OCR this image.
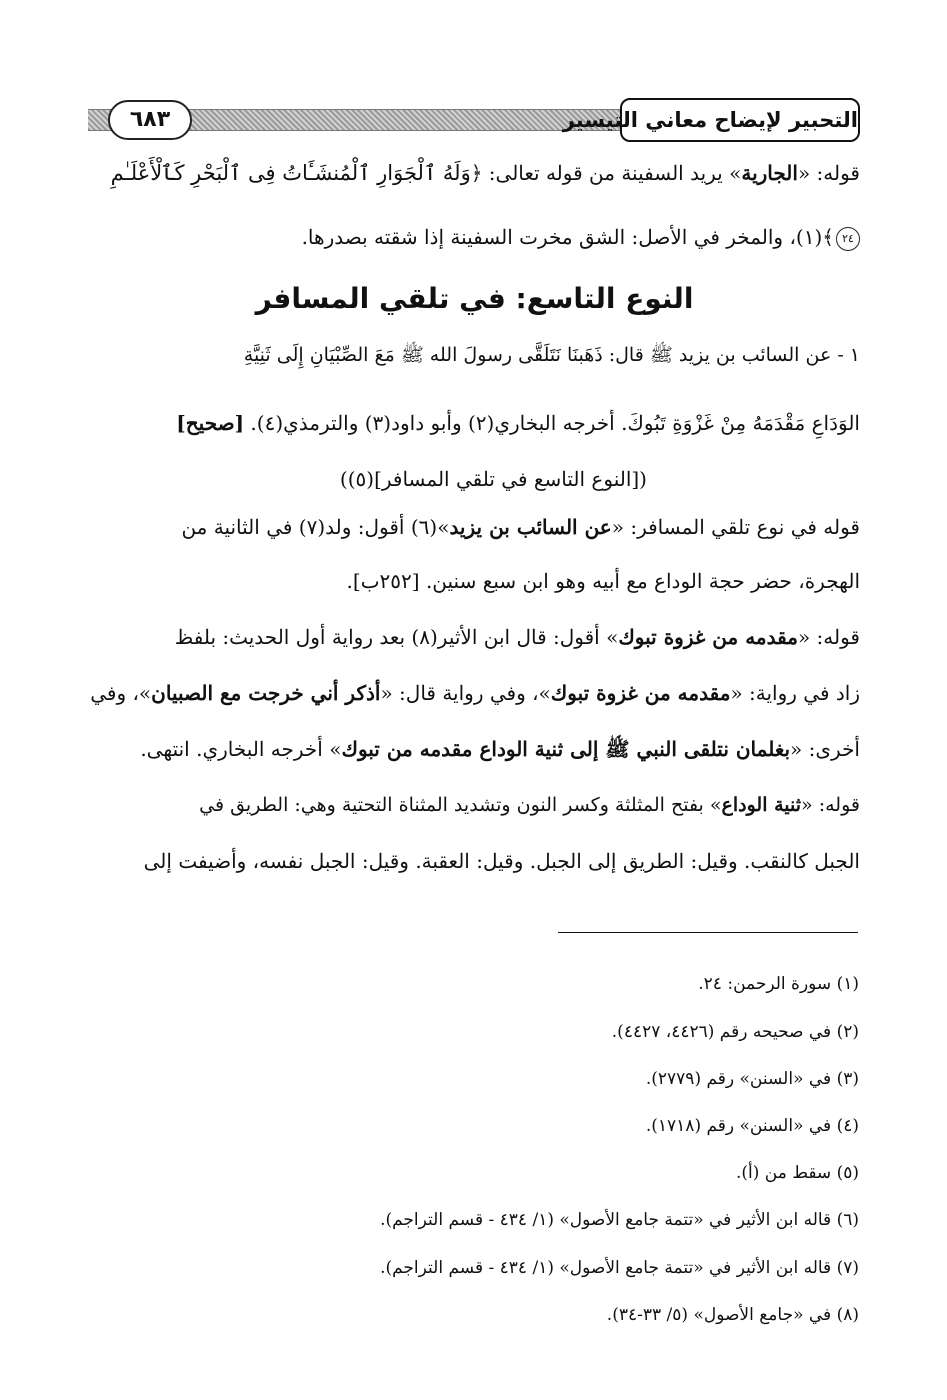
٦٨٣	التحبير لإيضاح معاني التيسير
قوله: «الجارية» يريد السفينة من قوله تعالى: ﴿وَلَهُ ٱلْجَوَارِ ٱلْمُنشَـَٔاتُ فِى ٱلْبَحْرِ كَٱلْأَعْلَـٰمِ
٢٤﴾(١)، والمخر في الأصل: الشق مخرت السفينة إذا شقته بصدرها.
النوع التاسع: في تلقي المسافر
١ - عن السائب بن يزيد ﷺ قال: ذَهَبنَا نَتَلَقَّى رسولَ الله ﷺ مَعَ الصِّبْيَانِ إِلَى ثَنِيَّةِ
الوَدَاعِ مَقْدَمَهُ مِنْ غَزْوَةِ تَبُوكَ. أخرجه البخاري(٢) وأبو داود(٣) والترمذي(٤). [صحيح]
([النوع التاسع في تلقي المسافر](٥))
قوله في نوع تلقي المسافر: «عن السائب بن يزيد»(٦) أقول: ولد(٧) في الثانية من
الهجرة، حضر حجة الوداع مع أبيه وهو ابن سبع سنين. [٢٥٢ب].
قوله: «مقدمه من غزوة تبوك» أقول: قال ابن الأثير(٨) بعد رواية أول الحديث: بلفظ
زاد في رواية: «مقدمه من غزوة تبوك»، وفي رواية قال: «أذكر أني خرجت مع الصبيان»، وفي
أخرى: «بغلمان نتلقى النبي ﷺ إلى ثنية الوداع مقدمه من تبوك» أخرجه البخاري. انتهى.
قوله: «ثنية الوداع» بفتح المثلثة وكسر النون وتشديد المثناة التحتية وهي: الطريق في
الجبل كالنقب. وقيل: الطريق إلى الجبل. وقيل: العقبة. وقيل: الجبل نفسه، وأضيفت إلى
(١) سورة الرحمن: ٢٤.
(٢) في صحيحه رقم (٤٤٢٦، ٤٤٢٧).
(٣) في «السنن» رقم (٢٧٧٩).
(٤) في «السنن» رقم (١٧١٨).
(٥) سقط من (أ).
(٦) قاله ابن الأثير في «تتمة جامع الأصول» (١/ ٤٣٤ - قسم التراجم).
(٧) قاله ابن الأثير في «تتمة جامع الأصول» (١/ ٤٣٤ - قسم التراجم).
(٨) في «جامع الأصول» (٥/ ٣٣-٣٤).
